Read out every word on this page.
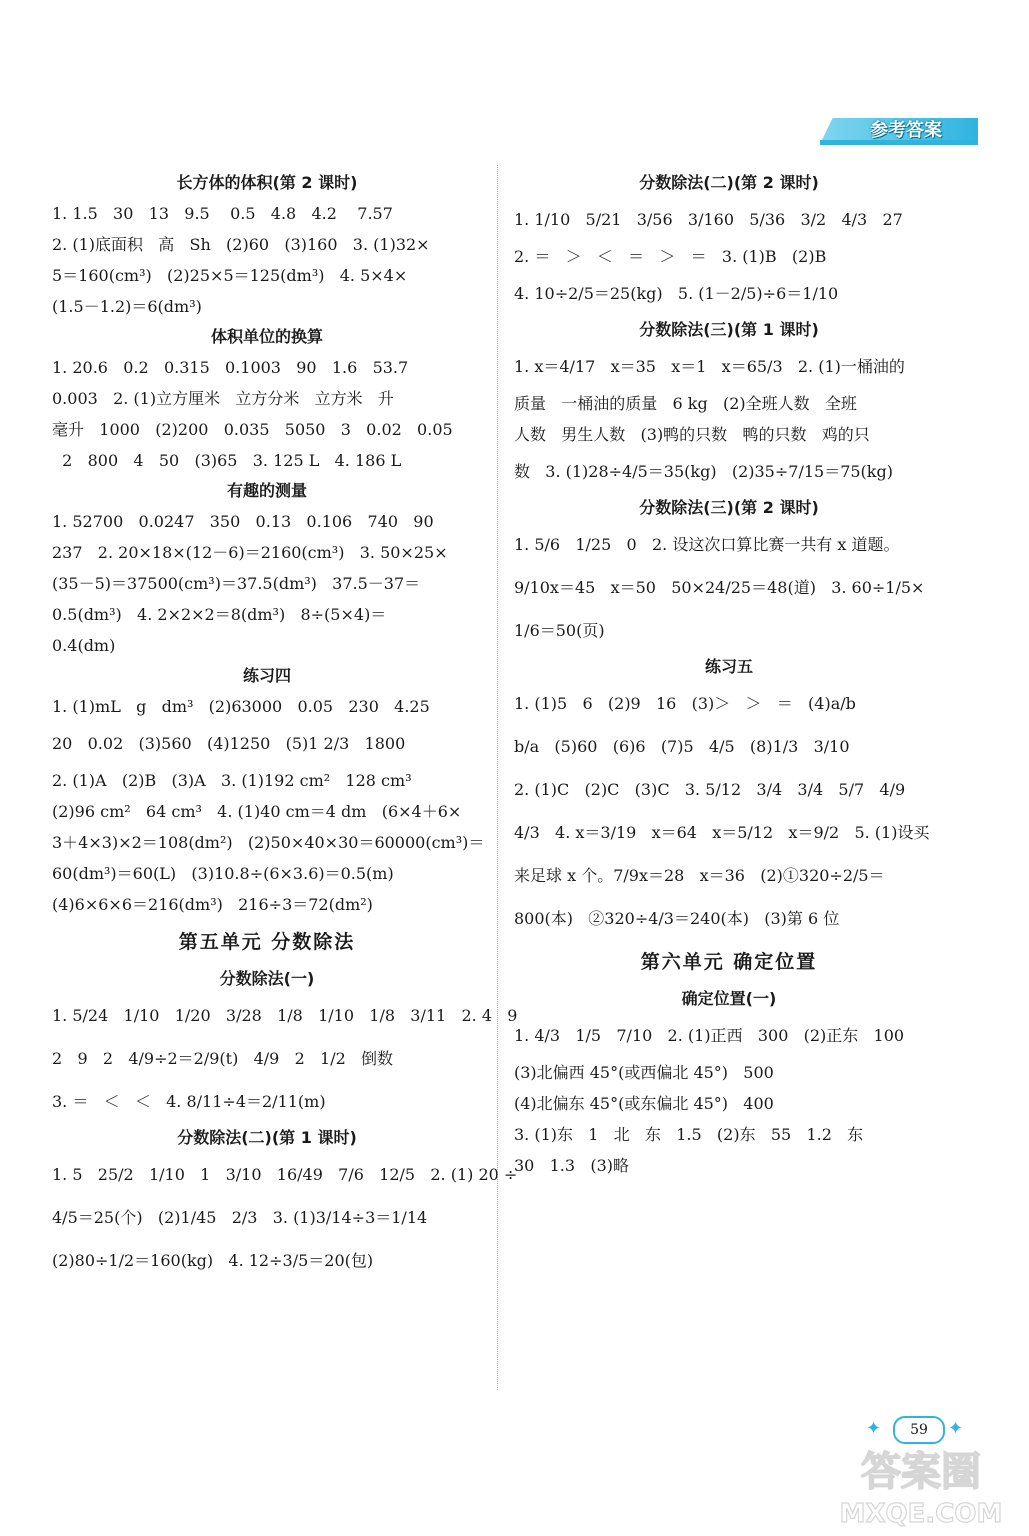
参考答案
长方体的体积(第 2 课时)
1. 1.5   30   13   9.5    0.5   4.8   4.2    7.57
2. (1)底面积   高   Sh   (2)60   (3)160   3. (1)32×
5＝160(cm³)   (2)25×5＝125(dm³)   4. 5×4×
(1.5－1.2)＝6(dm³)
体积单位的换算
1. 20.6   0.2   0.315   0.1003   90   1.6   53.7
0.003   2. (1)立方厘米   立方分米   立方米   升
毫升   1000   (2)200   0.035   5050   3   0.02   0.05
2   800   4   50   (3)65   3. 125 L   4. 186 L
有趣的测量
1. 52700   0.0247   350   0.13   0.106   740   90
237   2. 20×18×(12－6)＝2160(cm³)   3. 50×25×
(35－5)＝37500(cm³)＝37.5(dm³)   37.5－37＝
0.5(dm³)   4. 2×2×2＝8(dm³)   8÷(5×4)＝
0.4(dm)
练习四
1. (1)mL   g   dm³   (2)63000   0.05   230   4.25
20   0.02   (3)560   (4)1250   (5)1 2/3   1800
2. (1)A   (2)B   (3)A   3. (1)192 cm²   128 cm³
(2)96 cm²   64 cm³   4. (1)40 cm＝4 dm   (6×4＋6×
3＋4×3)×2＝108(dm²)   (2)50×40×30＝60000(cm³)＝
60(dm³)＝60(L)   (3)10.8÷(6×3.6)＝0.5(m)
(4)6×6×6＝216(dm³)   216÷3＝72(dm²)
第五单元 分数除法
分数除法(一)
1. 5/24   1/10   1/20   3/28   1/8   1/10   1/8   3/11   2. 4   9
2   9   2   4/9÷2＝2/9(t)   4/9   2   1/2   倒数
3. ＝   ＜   ＜   4. 8/11÷4＝2/11(m)
分数除法(二)(第 1 课时)
1. 5   25/2   1/10   1   3/10   16/49   7/6   12/5   2. (1) 20 ÷
4/5＝25(个)   (2)1/45   2/3   3. (1)3/14÷3＝1/14
(2)80÷1/2＝160(kg)   4. 12÷3/5＝20(包)
分数除法(二)(第 2 课时)
1. 1/10   5/21   3/56   3/160   5/36   3/2   4/3   27
2. ＝   ＞   ＜   ＝   ＞   ＝   3. (1)B   (2)B
4. 10÷2/5＝25(kg)   5. (1－2/5)÷6＝1/10
分数除法(三)(第 1 课时)
1. x＝4/17   x＝35   x＝1   x＝65/3   2. (1)一桶油的
质量   一桶油的质量   6 kg   (2)全班人数   全班
人数   男生人数   (3)鸭的只数   鸭的只数   鸡的只
数   3. (1)28÷4/5＝35(kg)   (2)35÷7/15＝75(kg)
分数除法(三)(第 2 课时)
1. 5/6   1/25   0   2. 设这次口算比赛一共有 x 道题。
9/10x＝45   x＝50   50×24/25＝48(道)   3. 60÷1/5×
1/6＝50(页)
练习五
1. (1)5   6   (2)9   16   (3)＞   ＞   ＝   (4)a/b
b/a   (5)60   (6)6   (7)5   4/5   (8)1/3   3/10
2. (1)C   (2)C   (3)C   3. 5/12   3/4   3/4   5/7   4/9
4/3   4. x＝3/19   x＝64   x＝5/12   x＝9/2   5. (1)设买
来足球 x 个。7/9x＝28   x＝36   (2)①320÷2/5＝
800(本)   ②320÷4/3＝240(本)   (3)第 6 位
第六单元 确定位置
确定位置(一)
1. 4/3   1/5   7/10   2. (1)正西   300   (2)正东   100
(3)北偏西 45°(或西偏北 45°)   500
(4)北偏东 45°(或东偏北 45°)   400
3. (1)东   1   北   东   1.5   (2)东   55   1.2   东
30   1.3   (3)略
✦	59	✦
答案圈
MXQE.COM
